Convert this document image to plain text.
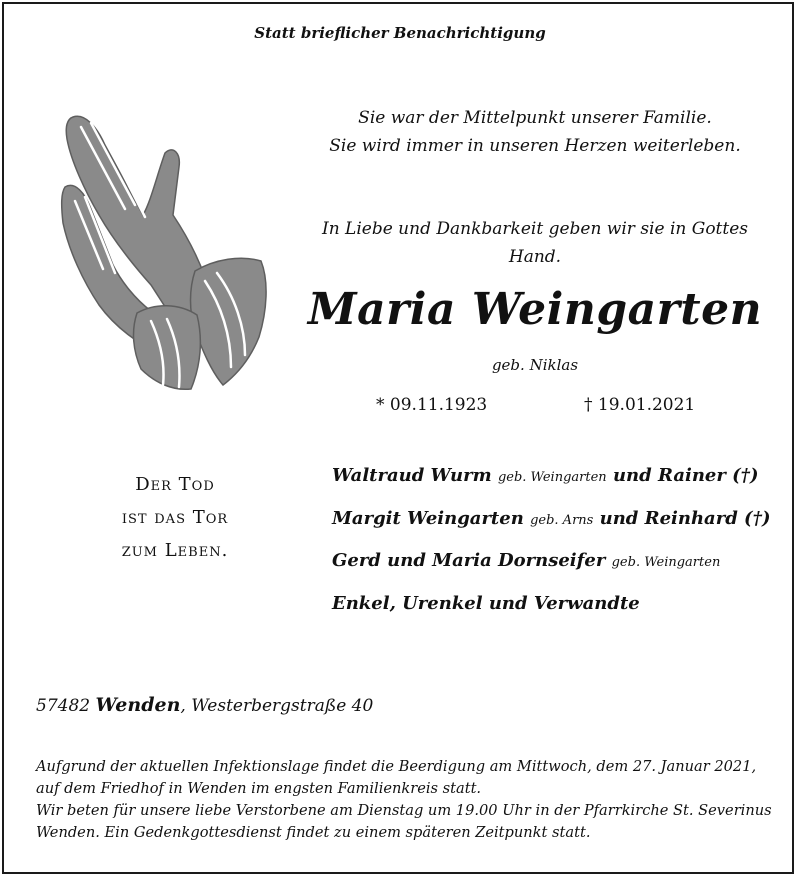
Statt brieflicher Benachrichtigung
Sie war der Mittelpunkt unserer Familie.
Sie wird immer in unseren Herzen weiterleben.
In Liebe und Dankbarkeit geben wir sie in Gottes Hand.
Maria Weingarten
geb. Niklas
* 09.11.1923	† 19.01.2021
Der Tod
ist das Tor
zum Leben.
Waltraud Wurm geb. Weingarten und Rainer (†)
Margit Weingarten geb. Arns und Reinhard (†)
Gerd und Maria Dornseifer geb. Weingarten
Enkel, Urenkel und Verwandte
57482 Wenden, Westerbergstraße 40
Aufgrund der aktuellen Infektionslage findet die Beerdigung am Mittwoch, dem 27. Januar 2021,
auf dem Friedhof in Wenden im engsten Familienkreis statt.
Wir beten für unsere liebe Verstorbene am Dienstag um 19.00 Uhr in der Pfarrkirche St. Severinus
Wenden. Ein Gedenkgottesdienst findet zu einem späteren Zeitpunkt statt.
